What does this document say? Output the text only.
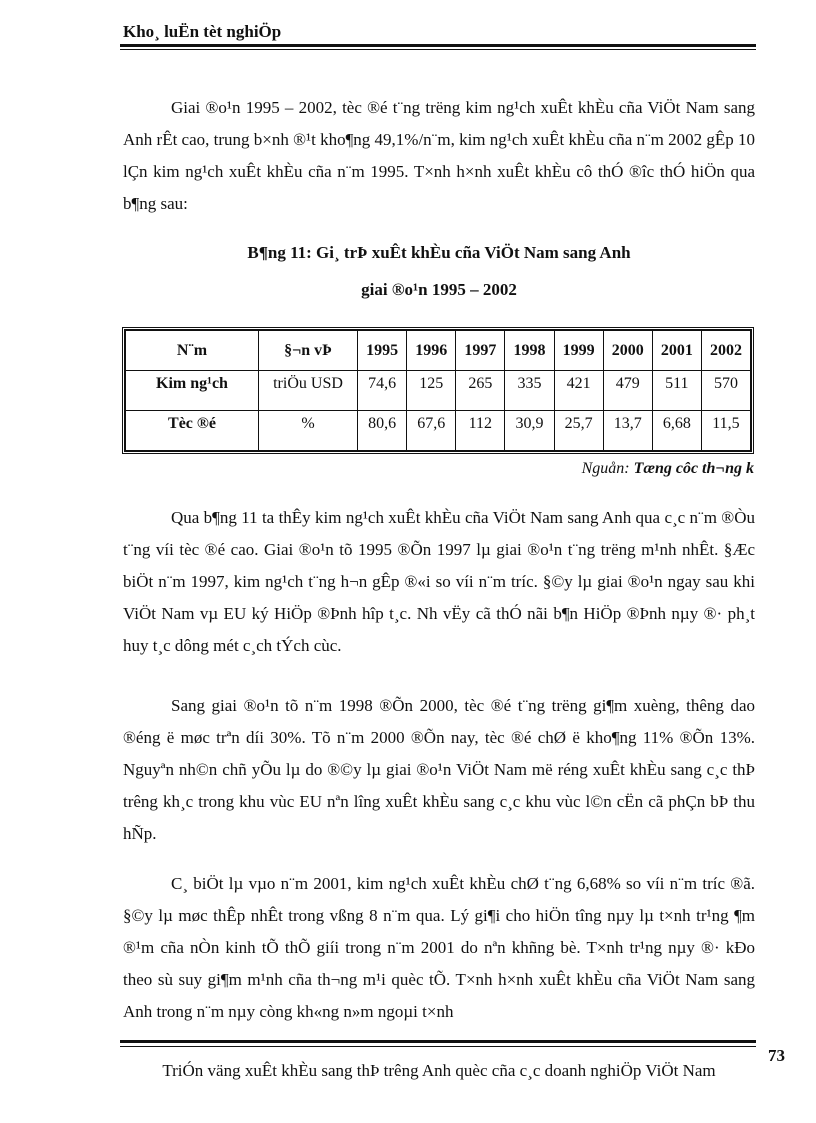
Kho¸ luËn tèt nghiÖp

Giai ®o¹n 1995 – 2002, tèc ®é t¨ng trëng kim ng¹ch xuÊt khÈu cña ViÖt Nam sang Anh rÊt cao, trung b×nh ®¹t kho¶ng 49,1%/n¨m, kim ng¹ch xuÊt khÈu cña n¨m 2002 gÊp 10 lÇn kim ng¹ch xuÊt khÈu cña n¨m 1995. T×nh h×nh xuÊt khÈu cô thÓ ®îc thÓ hiÖn qua b¶ng sau:

B¶ng 11: Gi¸ trÞ xuÊt khÈu cña ViÖt Nam sang Anh
giai ®o¹n 1995 – 2002
N¨m	§¬n vÞ	1995	1996	1997	1998	1999	2000	2001	2002
Kim ng¹ch	triÖu USD	74,6	125	265	335	421	479	511	570
Tèc ®é	%	80,6	67,6	112	30,9	25,7	13,7	6,68	11,5
Nguån: Tæng côc th¬ng k

Qua b¶ng 11 ta thÊy kim ng¹ch xuÊt khÈu cña ViÖt Nam sang Anh qua c¸c n¨m ®Òu t¨ng víi tèc ®é cao. Giai ®o¹n tõ 1995 ®Õn 1997 lµ giai ®o¹n t¨ng trëng m¹nh nhÊt. §Æc biÖt n¨m 1997, kim ng¹ch t¨ng h¬n gÊp ®«i so víi n¨m tríc. §©y lµ giai ®o¹n ngay sau khi ViÖt Nam vµ EU ký HiÖp ®Þnh hîp t¸c. Nh vËy cã thÓ nãi b¶n HiÖp ®Þnh nµy ®· ph¸t huy t¸c dông mét c¸ch tÝch cùc.

Sang giai ®o¹n tõ n¨m 1998 ®Õn 2000, tèc ®é t¨ng trëng gi¶m xuèng, thêng dao ®éng ë møc trªn díi 30%. Tõ n¨m 2000 ®Õn nay, tèc ®é chØ ë kho¶ng 11% ®Õn 13%. Nguyªn nh©n chñ yÕu lµ do ®©y lµ giai ®o¹n ViÖt Nam më réng xuÊt khÈu sang c¸c thÞ trêng kh¸c trong khu vùc EU nªn lîng xuÊt khÈu sang c¸c khu vùc l©n cËn cã phÇn bÞ thu hÑp.

C¸ biÖt lµ vµo n¨m 2001, kim ng¹ch xuÊt khÈu chØ t¨ng 6,68% so víi n¨m tríc ®ã. §©y lµ møc thÊp nhÊt trong vßng 8 n¨m qua. Lý gi¶i cho hiÖn tîng nµy lµ t×nh tr¹ng ¶m ®¹m cña nÒn kinh tÕ thÕ giíi trong n¨m 2001 do nªn khñng bè. T×nh tr¹ng nµy ®· kÐo theo sù suy gi¶m m¹nh cña th¬ng m¹i quèc tÕ. T×nh h×nh xuÊt khÈu cña ViÖt Nam sang Anh trong n¨m nµy còng kh«ng n»m ngoµi t×nh

73
TriÓn väng xuÊt khÈu sang thÞ trêng Anh quèc cña c¸c doanh nghiÖp ViÖt Nam
